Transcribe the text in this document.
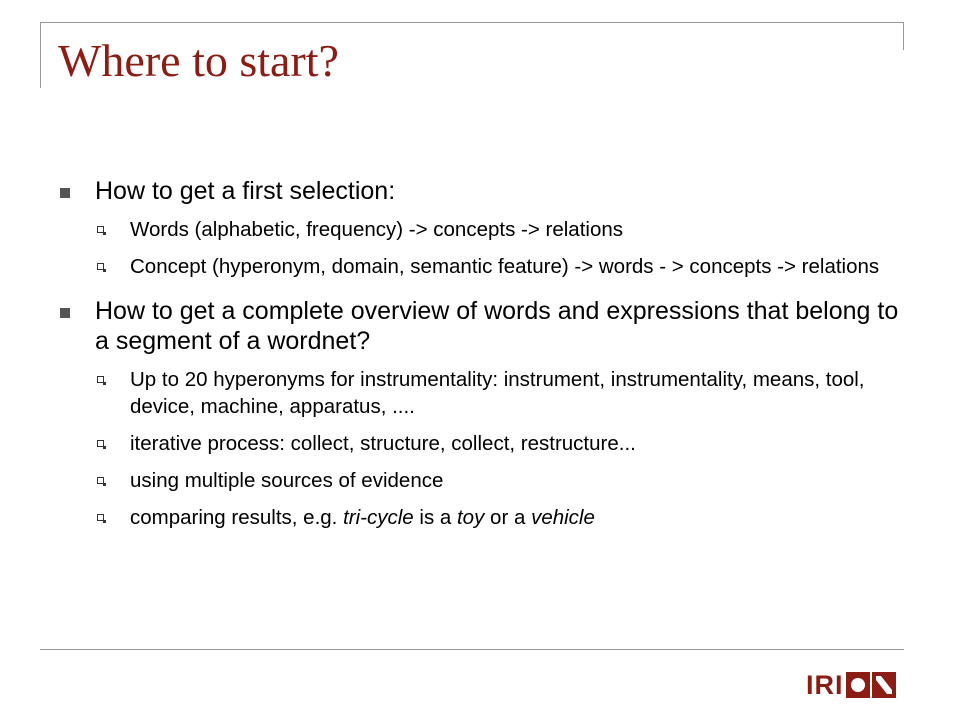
Where to start?
How to get a first selection:
Words (alphabetic, frequency) -> concepts -> relations
Concept (hyperonym, domain, semantic feature) -> words - > concepts -> relations
How to get a complete overview of words and expressions that belong to a segment of a wordnet?
Up to 20 hyperonyms for instrumentality: instrument, instrumentality, means, tool, device, machine, apparatus, ....
iterative process: collect, structure, collect, restructure...
using multiple sources of evidence
comparing results, e.g. tri-cycle is a toy or a vehicle
IRI
